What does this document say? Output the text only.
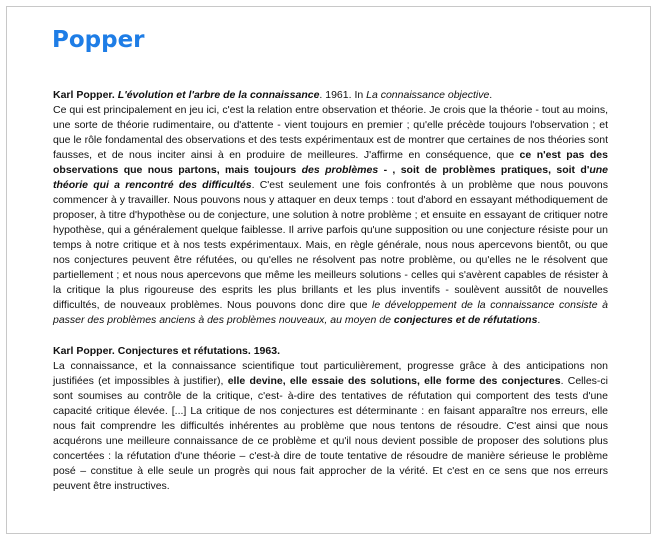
Popper

Karl Popper. L'évolution et l'arbre de la connaissance. 1961. In La connaissance objective.
Ce qui est principalement en jeu ici, c'est la relation entre observation et théorie. Je crois que la théorie - tout au moins, une sorte de théorie rudimentaire, ou d'attente - vient toujours en premier ; qu'elle précède toujours l'observation ; et que le rôle fondamental des observations et des tests expérimentaux est de montrer que certaines de nos théories sont fausses, et de nous inciter ainsi à en produire de meilleures. J'affirme en conséquence, que ce n'est pas des observations que nous partons, mais toujours des problèmes - , soit de problèmes pratiques, soit d'une théorie qui a rencontré des difficultés. C'est seulement une fois confrontés à un problème que nous pouvons commencer à y travailler. Nous pouvons nous y attaquer en deux temps : tout d'abord en essayant méthodiquement de proposer, à titre d'hypothèse ou de conjecture, une solution à notre problème ; et ensuite en essayant de critiquer notre hypothèse, qui a généralement quelque faiblesse. Il arrive parfois qu'une supposition ou une conjecture résiste pour un temps à notre critique et à nos tests expérimentaux. Mais, en règle générale, nous nous apercevons bientôt, ou que nos conjectures peuvent être réfutées, ou qu'elles ne résolvent pas notre problème, ou qu'elles ne le résolvent que partiellement ; et nous nous apercevons que même les meilleurs solutions - celles qui s'avèrent capables de résister à la critique la plus rigoureuse des esprits les plus brillants et les plus inventifs - soulèvent aussitôt de nouvelles difficultés, de nouveaux problèmes. Nous pouvons donc dire que le développement de la connaissance consiste à passer des problèmes anciens à des problèmes nouveaux, au moyen de conjectures et de réfutations.

Karl Popper. Conjectures et réfutations. 1963.
La connaissance, et la connaissance scientifique tout particulièrement, progresse grâce à des anticipations non justifiées (et impossibles à justifier), elle devine, elle essaie des solutions, elle forme des conjectures. Celles-ci sont soumises au contrôle de la critique, c'est- à-dire des tentatives de réfutation qui comportent des tests d'une capacité critique élevée. [...] La critique de nos conjectures est déterminante : en faisant apparaître nos erreurs, elle nous fait comprendre les difficultés inhérentes au problème que nous tentons de résoudre. C'est ainsi que nous acquérons une meilleure connaissance de ce problème et qu'il nous devient possible de proposer des solutions plus concertées : la réfutation d'une théorie – c'est-à dire de toute tentative de résoudre de manière sérieuse le problème posé – constitue à elle seule un progrès qui nous fait approcher de la vérité. Et c'est en ce sens que nos erreurs peuvent être instructives.
